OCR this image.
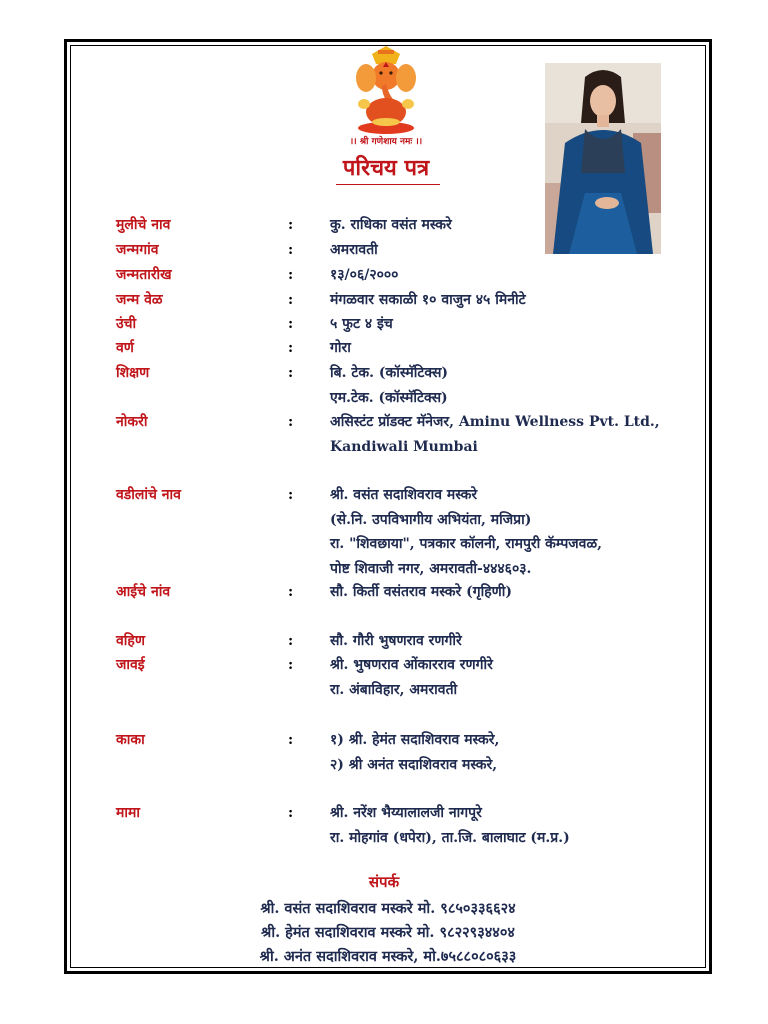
।। श्री गणेशाय नमः ।।
परिचय पत्र
मुलीचे नाव	:	कु. राधिका वसंत मस्करे
जन्मगांव	:	अमरावती
जन्मतारीख	:	१३/०६/२०००
जन्म वेळ	:	मंगळवार सकाळी १० वाजुन ४५ मिनीटे
उंची	:	५ फुट ४ इंच
वर्ण	:	गोरा
शिक्षण	:	बि. टेक. (कॉस्मॅटिक्स)
एम.टेक. (कॉस्मॅटिक्स)
नोकरी	:	असिस्टंट प्रॉडक्ट मॅनेजर, Aminu Wellness Pvt. Ltd.,
Kandiwali Mumbai
वडीलांचे नाव	:	श्री. वसंत सदाशिवराव मस्करे
(से.नि. उपविभागीय अभियंता, मजिप्रा)
रा. "शिवछाया", पत्रकार कॉलनी, रामपुरी कॅम्पजवळ,
पोष्ट शिवाजी नगर, अमरावती-४४४६०३.
आईचे नांव	:	सौ. किर्ती वसंतराव मस्करे (गृहिणी)
वहिण	:	सौ. गौरी भुषणराव रणगीरे
जावई	:	श्री. भुषणराव ओंकारराव रणगीरे
रा. अंबाविहार, अमरावती
काका	:	१) श्री. हेमंत सदाशिवराव मस्करे,
२) श्री अनंत सदाशिवराव मस्करे,
मामा	:	श्री. नरेंश भैय्यालालजी नागपूरे
रा. मोहगांव (धपेरा), ता.जि. बालाघाट (म.प्र.)
संपर्क
श्री. वसंत सदाशिवराव मस्करे मो. ९८५०३३६६२४
श्री. हेमंत सदाशिवराव मस्करे मो. ९८२२९३४४०४
श्री. अनंत सदाशिवराव मस्करे, मो.७५८८०८०६३३
